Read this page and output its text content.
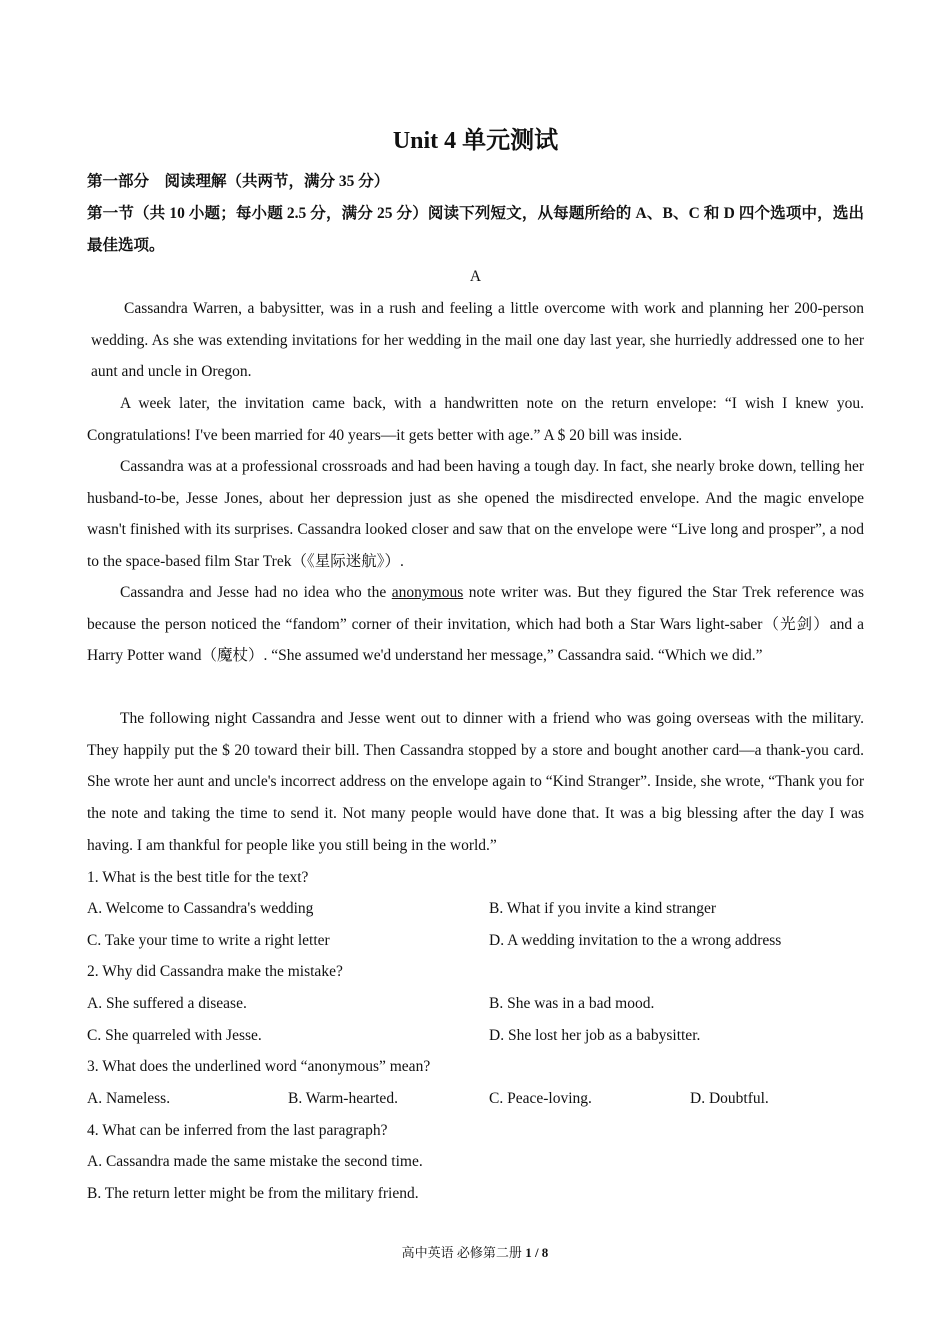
Unit 4 单元测试
第一部分　阅读理解（共两节，满分 35 分）
第一节（共 10 小题；每小题 2.5 分，满分 25 分）阅读下列短文，从每题所给的 A、B、C 和 D 四个选项中，选出最佳选项。
A
Cassandra Warren, a babysitter, was in a rush and feeling a little overcome with work and planning her 200-person wedding. As she was extending invitations for her wedding in the mail one day last year, she hurriedly addressed one to her aunt and uncle in Oregon.
A week later, the invitation came back, with a handwritten note on the return envelope: “I wish I knew you. Congratulations! I've been married for 40 years—it gets better with age.” A $ 20 bill was inside.
Cassandra was at a professional crossroads and had been having a tough day. In fact, she nearly broke down, telling her husband-to-be, Jesse Jones, about her depression just as she opened the misdirected envelope. And the magic envelope wasn't finished with its surprises. Cassandra looked closer and saw that on the envelope were “Live long and prosper”, a nod to the space-based film Star Trek（《星际迷航》）.
Cassandra and Jesse had no idea who the anonymous note writer was. But they figured the Star Trek reference was because the person noticed the “fandom” corner of their invitation, which had both a Star Wars light-saber（光剑）and a Harry Potter wand（魔杖）. “She assumed we'd understand her message,” Cassandra said. “Which we did.”
The following night Cassandra and Jesse went out to dinner with a friend who was going overseas with the military. They happily put the $ 20 toward their bill. Then Cassandra stopped by a store and bought another card—a thank-you card. She wrote her aunt and uncle's incorrect address on the envelope again to “Kind Stranger”. Inside, she wrote, “Thank you for the note and taking the time to send it. Not many people would have done that. It was a big blessing after the day I was having. I am thankful for people like you still being in the world.”
1. What is the best title for the text?
A. Welcome to Cassandra's wedding	B. What if you invite a kind stranger
C. Take your time to write a right letter	D. A wedding invitation to the a wrong address
2. Why did Cassandra make the mistake?
A. She suffered a disease.	B. She was in a bad mood.
C. She quarreled with Jesse.	D. She lost her job as a babysitter.
3. What does the underlined word “anonymous” mean?
A. Nameless.	B. Warm-hearted.	C. Peace-loving.	D. Doubtful.
4. What can be inferred from the last paragraph?
A. Cassandra made the same mistake the second time.
B. The return letter might be from the military friend.
高中英语 必修第二册 1 / 8
